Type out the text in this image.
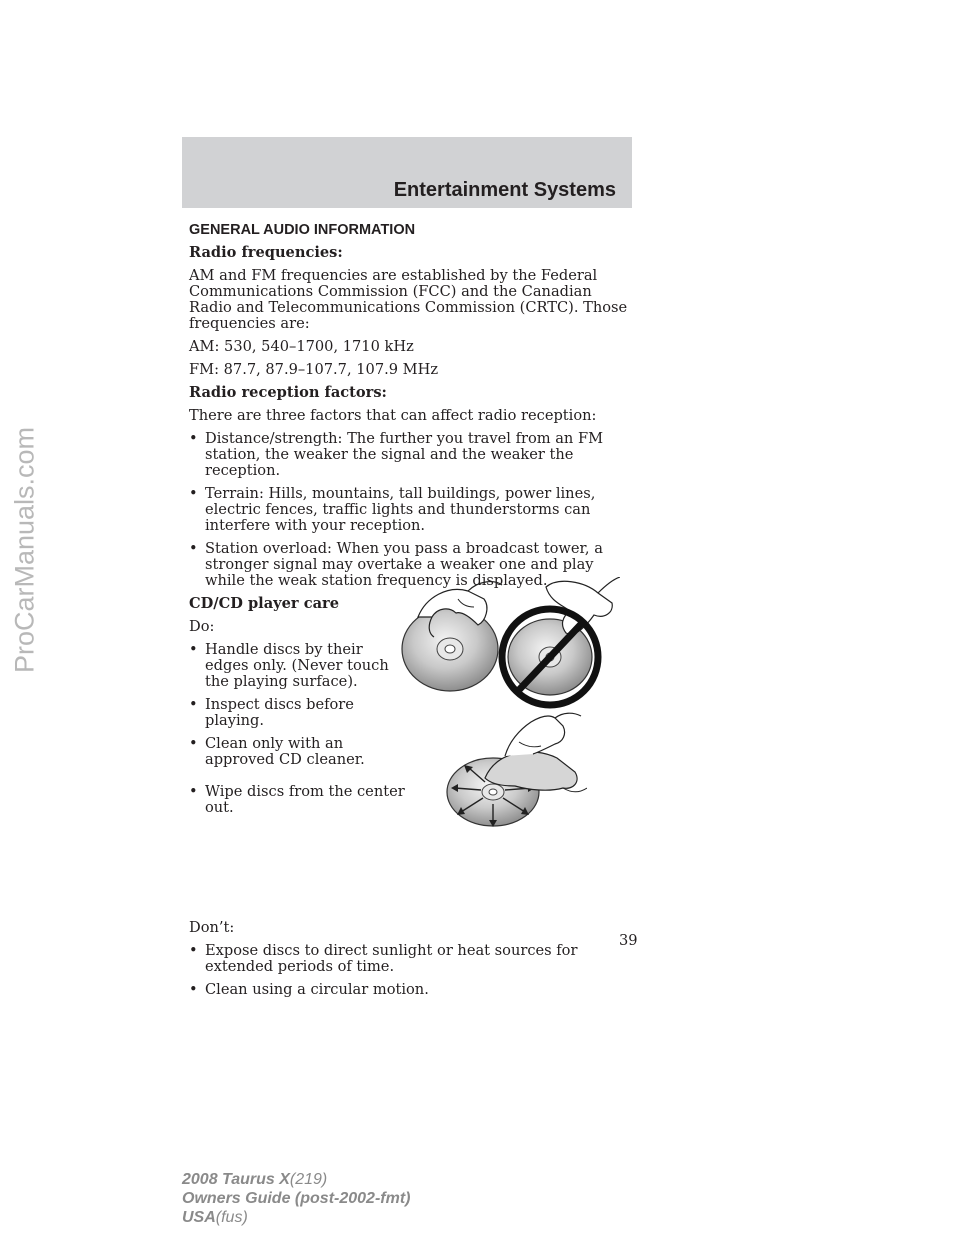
Entertainment Systems
ProCarManuals.com
GENERAL AUDIO INFORMATION

Radio frequencies:

AM and FM frequencies are established by the Federal Communications Commission (FCC) and the Canadian Radio and Telecommunications Commission (CRTC). Those frequencies are:

AM: 530, 540–1700, 1710 kHz

FM: 87.7, 87.9–107.7, 107.9 MHz

Radio reception factors:

There are three factors that can affect radio reception:

• Distance/strength: The further you travel from an FM station, the weaker the signal and the weaker the reception.
• Terrain: Hills, mountains, tall buildings, power lines, electric fences, traffic lights and thunderstorms can interfere with your reception.
• Station overload: When you pass a broadcast tower, a stronger signal may overtake a weaker one and play while the weak station frequency is displayed.

CD/CD player care

Do:

• Handle discs by their edges only. (Never touch the playing surface).
• Inspect discs before playing.
• Clean only with an approved CD cleaner.
• Wipe discs from the center out.

Don’t:

• Expose discs to direct sunlight or heat sources for extended periods of time.
• Clean using a circular motion.
39
2008 Taurus X(219)
Owners Guide (post-2002-fmt)
USA(fus)
